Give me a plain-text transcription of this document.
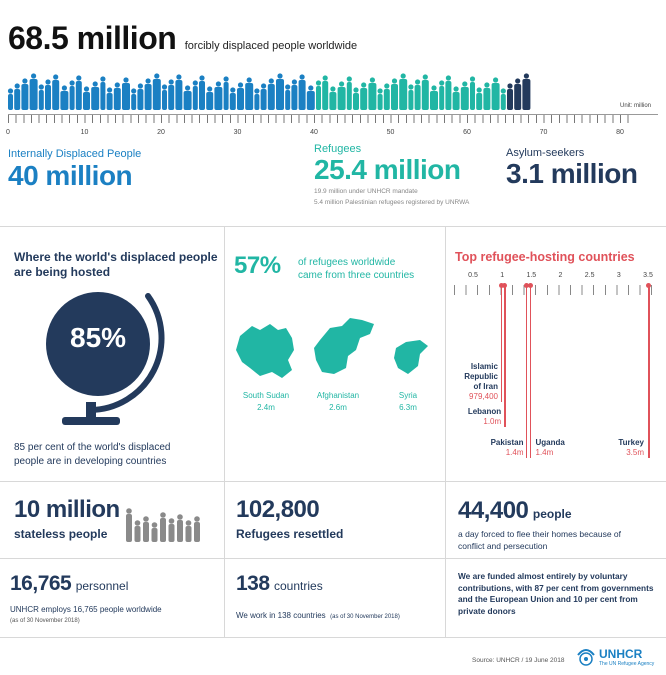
68.5 million forcibly displaced people worldwide
Unit: million
0	10	20	30	40	50	60	70	80
Internally Displaced People
40 million
Refugees
25.4 million
19.9 million under UNHCR mandate
5.4 million Palestinian refugees registered by UNRWA
Asylum-seekers
3.1 million
Where the world's displaced people
are being hosted
85%
85 per cent of the world's displaced
people are in developing countries
57% of refugees worldwide
came from three countries
South Sudan
2.4m
Afghanistan
2.6m
Syria
6.3m
Top refugee-hosting countries
0.5	1	1.5	2	2.5	3	3.5
Islamic
Republic
of Iran
979,400
Lebanon
1.0m
Pakistan
1.4m
Uganda
1.4m
Turkey
3.5m
10 million
stateless people
102,800
Refugees resettled
44,400 people
a day forced to flee their homes because of
conflict and persecution
16,765 personnel
UNHCR employs 16,765 people worldwide
(as of 30 November 2018)
138 countries
We work in 138 countries (as of 30 November 2018)
We are funded almost entirely by voluntary
contributions, with 87 per cent from governments
and the European Union and 10 per cent from
private donors
Source: UNHCR / 19 June 2018	UNHCR
The UN Refugee Agency
